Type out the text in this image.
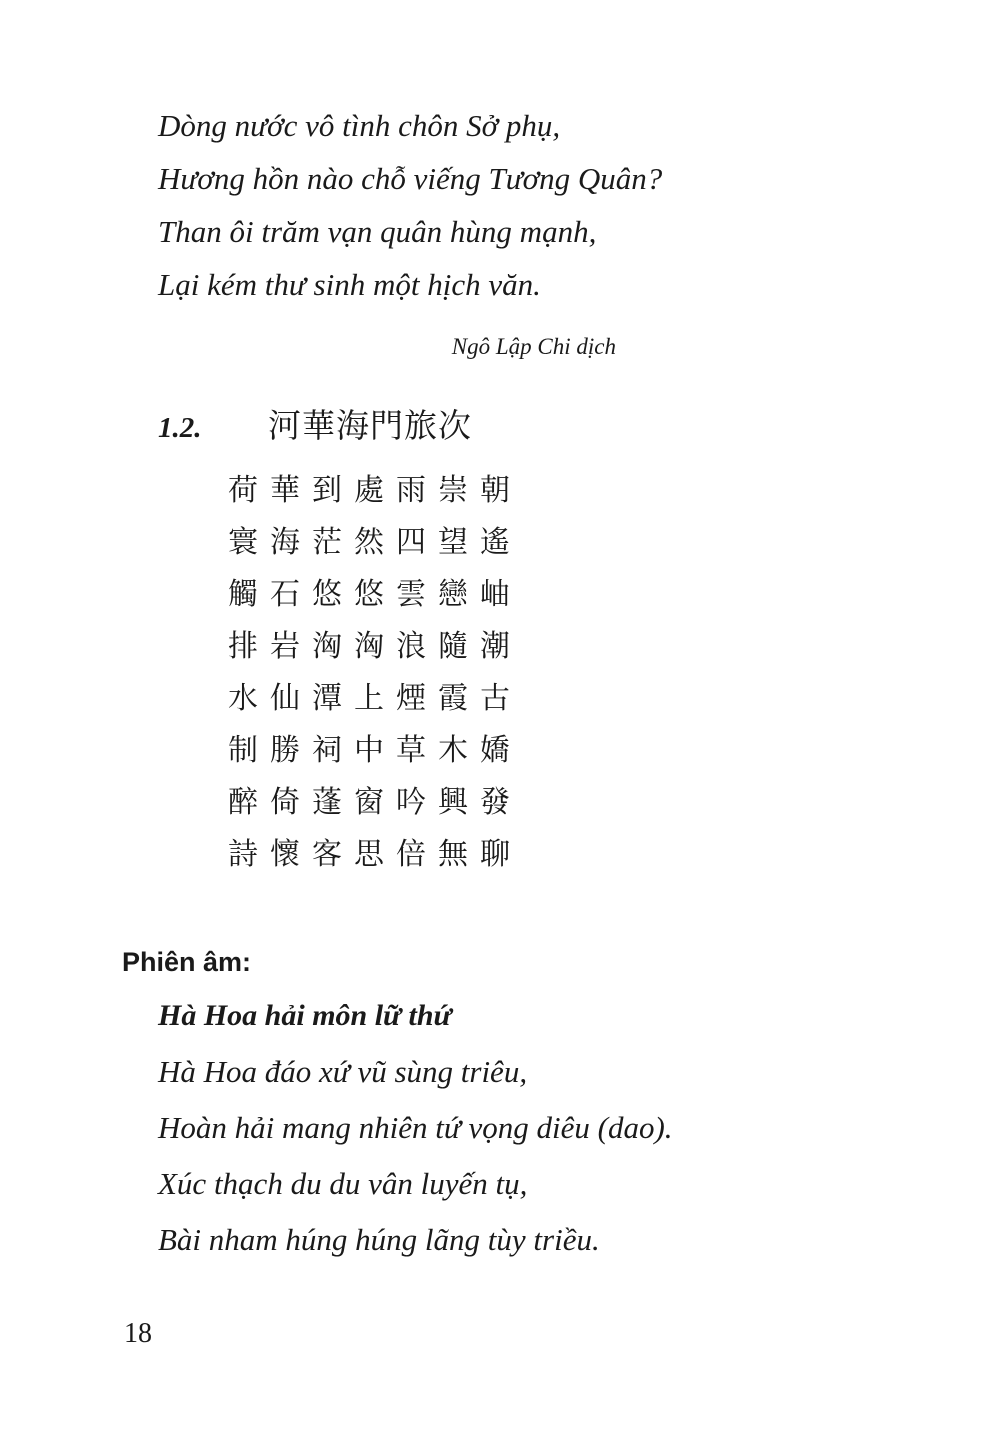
Dòng nước vô tình chôn Sở phụ,
Hương hồn nào chỗ viếng Tương Quân?
Than ôi trăm vạn quân hùng mạnh,
Lại kém thư sinh một hịch văn.
Ngô Lập Chi dịch
1.2. 河華海門旅次
荷華到處雨崇朝
寰海茫然四望遙
觸石悠悠雲戀岫
排岩洶洶浪隨潮
水仙潭上煙霞古
制勝祠中草木嬌
醉倚蓬窗吟興發
詩懷客思倍無聊
Phiên âm:
Hà Hoa hải môn lữ thứ
Hà Hoa đáo xứ vũ sùng triêu,
Hoàn hải mang nhiên tứ vọng diêu (dao).
Xúc thạch du du vân luyến tụ,
Bài nham húng húng lãng tùy triều.
18
